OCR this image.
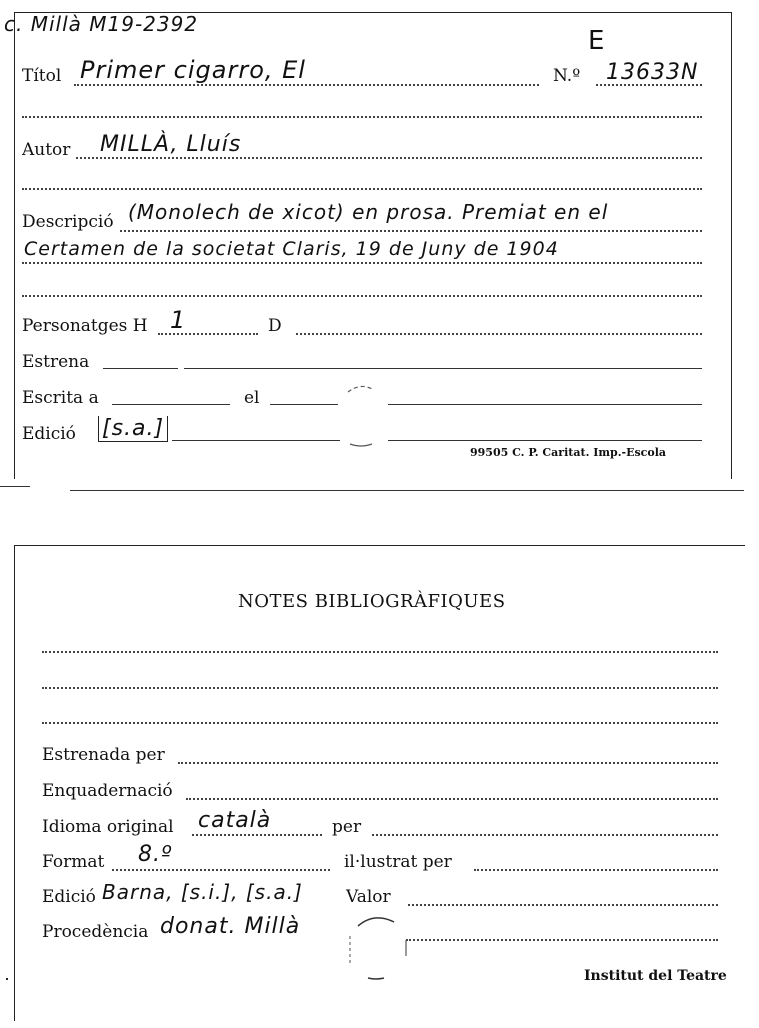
c. Millà M19-2392
E
Títol Primer cigarro, El	N.º 13633N
Autor MILLÀ, Lluís
Descripció (Monolech de xicot) en prosa. Premiat en el
Certamen de la societat Claris, 19 de Juny de 1904
Personatges H 1	D
Estrena
Escrita a	el
Edició [s.a.]
99505 C. P. Caritat. Imp.-Escola
NOTES BIBLIOGRÀFIQUES
Estrenada per
Enquadernació
Idioma original català	per
Format 8.º	il·lustrat per
Edició Barna, [s.i.], [s.a.]	Valor
Procedència donat. Millà
Institut del Teatre
